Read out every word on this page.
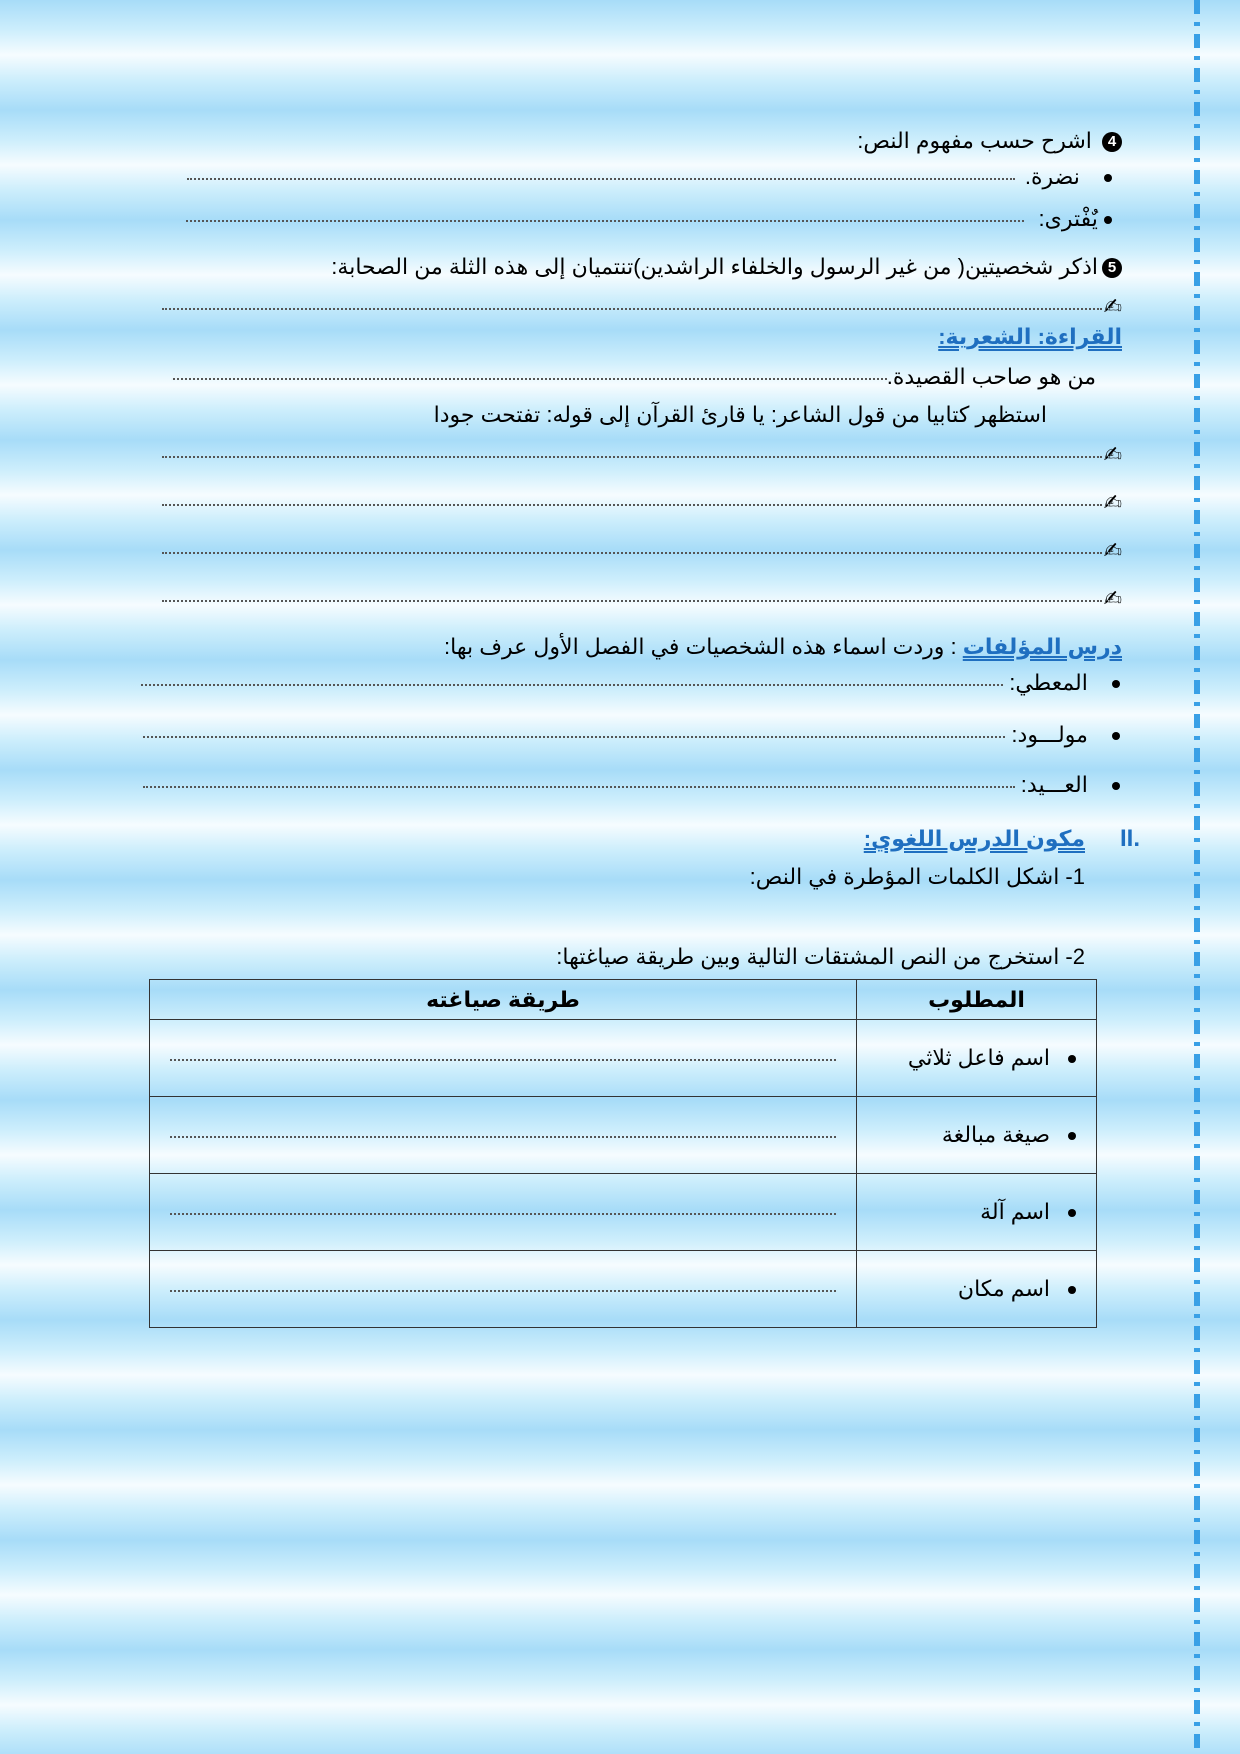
4 اشرح حسب مفهوم النص:
نضرة.
يٌفْترى:
5اذكر شخصيتين( من غير الرسول والخلفاء الراشدين)تنتميان إلى هذه الثلة من الصحابة:
✍
القراءة: الشعرية:
من هو صاحب القصيدة.
استظهر كتابيا من قول الشاعر: يا قارئ القرآن إلى قوله: تفتحت جودا
✍
✍
✍
✍
درس المؤلفات : وردت اسماء هذه الشخصيات في الفصل الأول عرف بها:
المعطي:
مولـــود:
العـــيد:
II.
مكون الدرس اللغوي:
1- اشكل الكلمات المؤطرة في النص:
2- استخرج من النص المشتقات التالية وبين طريقة صياغتها:
المطلوب	طريقة صياغته
اسم فاعل ثلاثي	
صيغة مبالغة	
اسم آلة	
اسم مكان	
